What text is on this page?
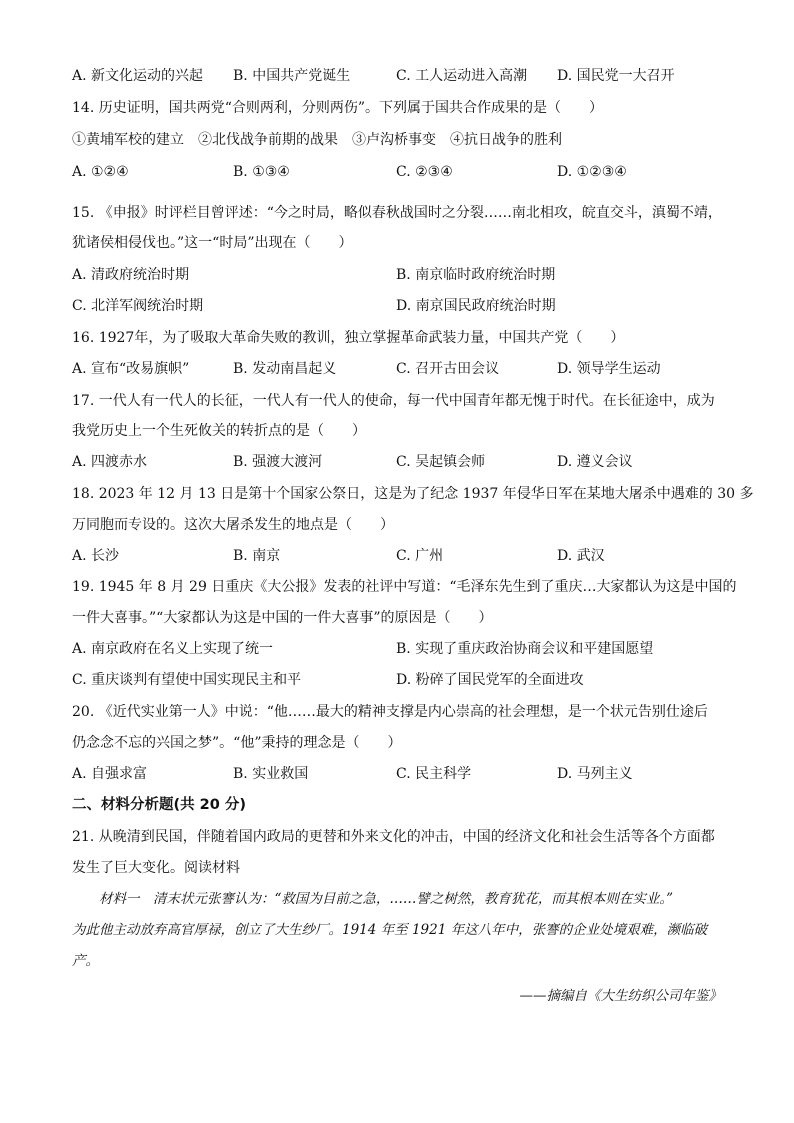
A. 新文化运动的兴起 B. 中国共产党诞生	C. 工人运动进入高潮 D. 国民党一大召开
14. 历史证明，国共两党“合则两利，分则两伤”。下列属于国共合作成果的是（　　）
①黄埔军校的建立　②北伐战争前期的战果　③卢沟桥事变　④抗日战争的胜利
A. ①②④	B. ①③④	C. ②③④	D. ①②③④
15. 《申报》时评栏目曾评述：“今之时局，略似春秋战国时之分裂……南北相攻，皖直交斗，滇蜀不靖，
犹诸侯相侵伐也。”这一“时局”出现在（　　）
A. 清政府统治时期	B. 南京临时政府统治时期
C. 北洋军阀统治时期	D. 南京国民政府统治时期
16. 1927年，为了吸取大革命失败的教训，独立掌握革命武装力量，中国共产党（　　）
A. 宣布“改易旗帜”	B. 发动南昌起义	C. 召开古田会议	D. 领导学生运动
17. 一代人有一代人的长征，一代人有一代人的使命，每一代中国青年都无愧于时代。在长征途中，成为
我党历史上一个生死攸关的转折点的是（　　）
A. 四渡赤水	B. 强渡大渡河	C. 吴起镇会师	D. 遵义会议
18. 2023 年 12 月 13 日是第十个国家公祭日，这是为了纪念 1937 年侵华日军在某地大屠杀中遇难的 30 多
万同胞而专设的。这次大屠杀发生的地点是（　　）
A. 长沙	B. 南京	C. 广州	D. 武汉
19. 1945 年 8 月 29 日重庆《大公报》发表的社评中写道：“毛泽东先生到了重庆…大家都认为这是中国的
一件大喜事。”“大家都认为这是中国的一件大喜事”的原因是（　　）
A. 南京政府在名义上实现了统一	B. 实现了重庆政治协商会议和平建国愿望
C. 重庆谈判有望使中国实现民主和平	D. 粉碎了国民党军的全面进攻
20. 《近代实业第一人》中说：“他……最大的精神支撑是内心崇高的社会理想，是一个状元告别仕途后
仍念念不忘的兴国之梦”。“他”秉持的理念是（　　）
A. 自强求富	B. 实业救国	C. 民主科学	D. 马列主义
二、材料分析题(共 20 分)
21. 从晚清到民国，伴随着国内政局的更替和外来文化的冲击，中国的经济文化和社会生活等各个方面都
发生了巨大变化。阅读材料
　　材料一　清末状元张謇认为：“救国为目前之急，……譬之树然，教育犹花，而其根本则在实业。”
为此他主动放弃高官厚禄，创立了大生纱厂。1914 年至 1921 年这八年中，张謇的企业处境艰难，濒临破
产。
——摘编自《大生纺织公司年鉴》
